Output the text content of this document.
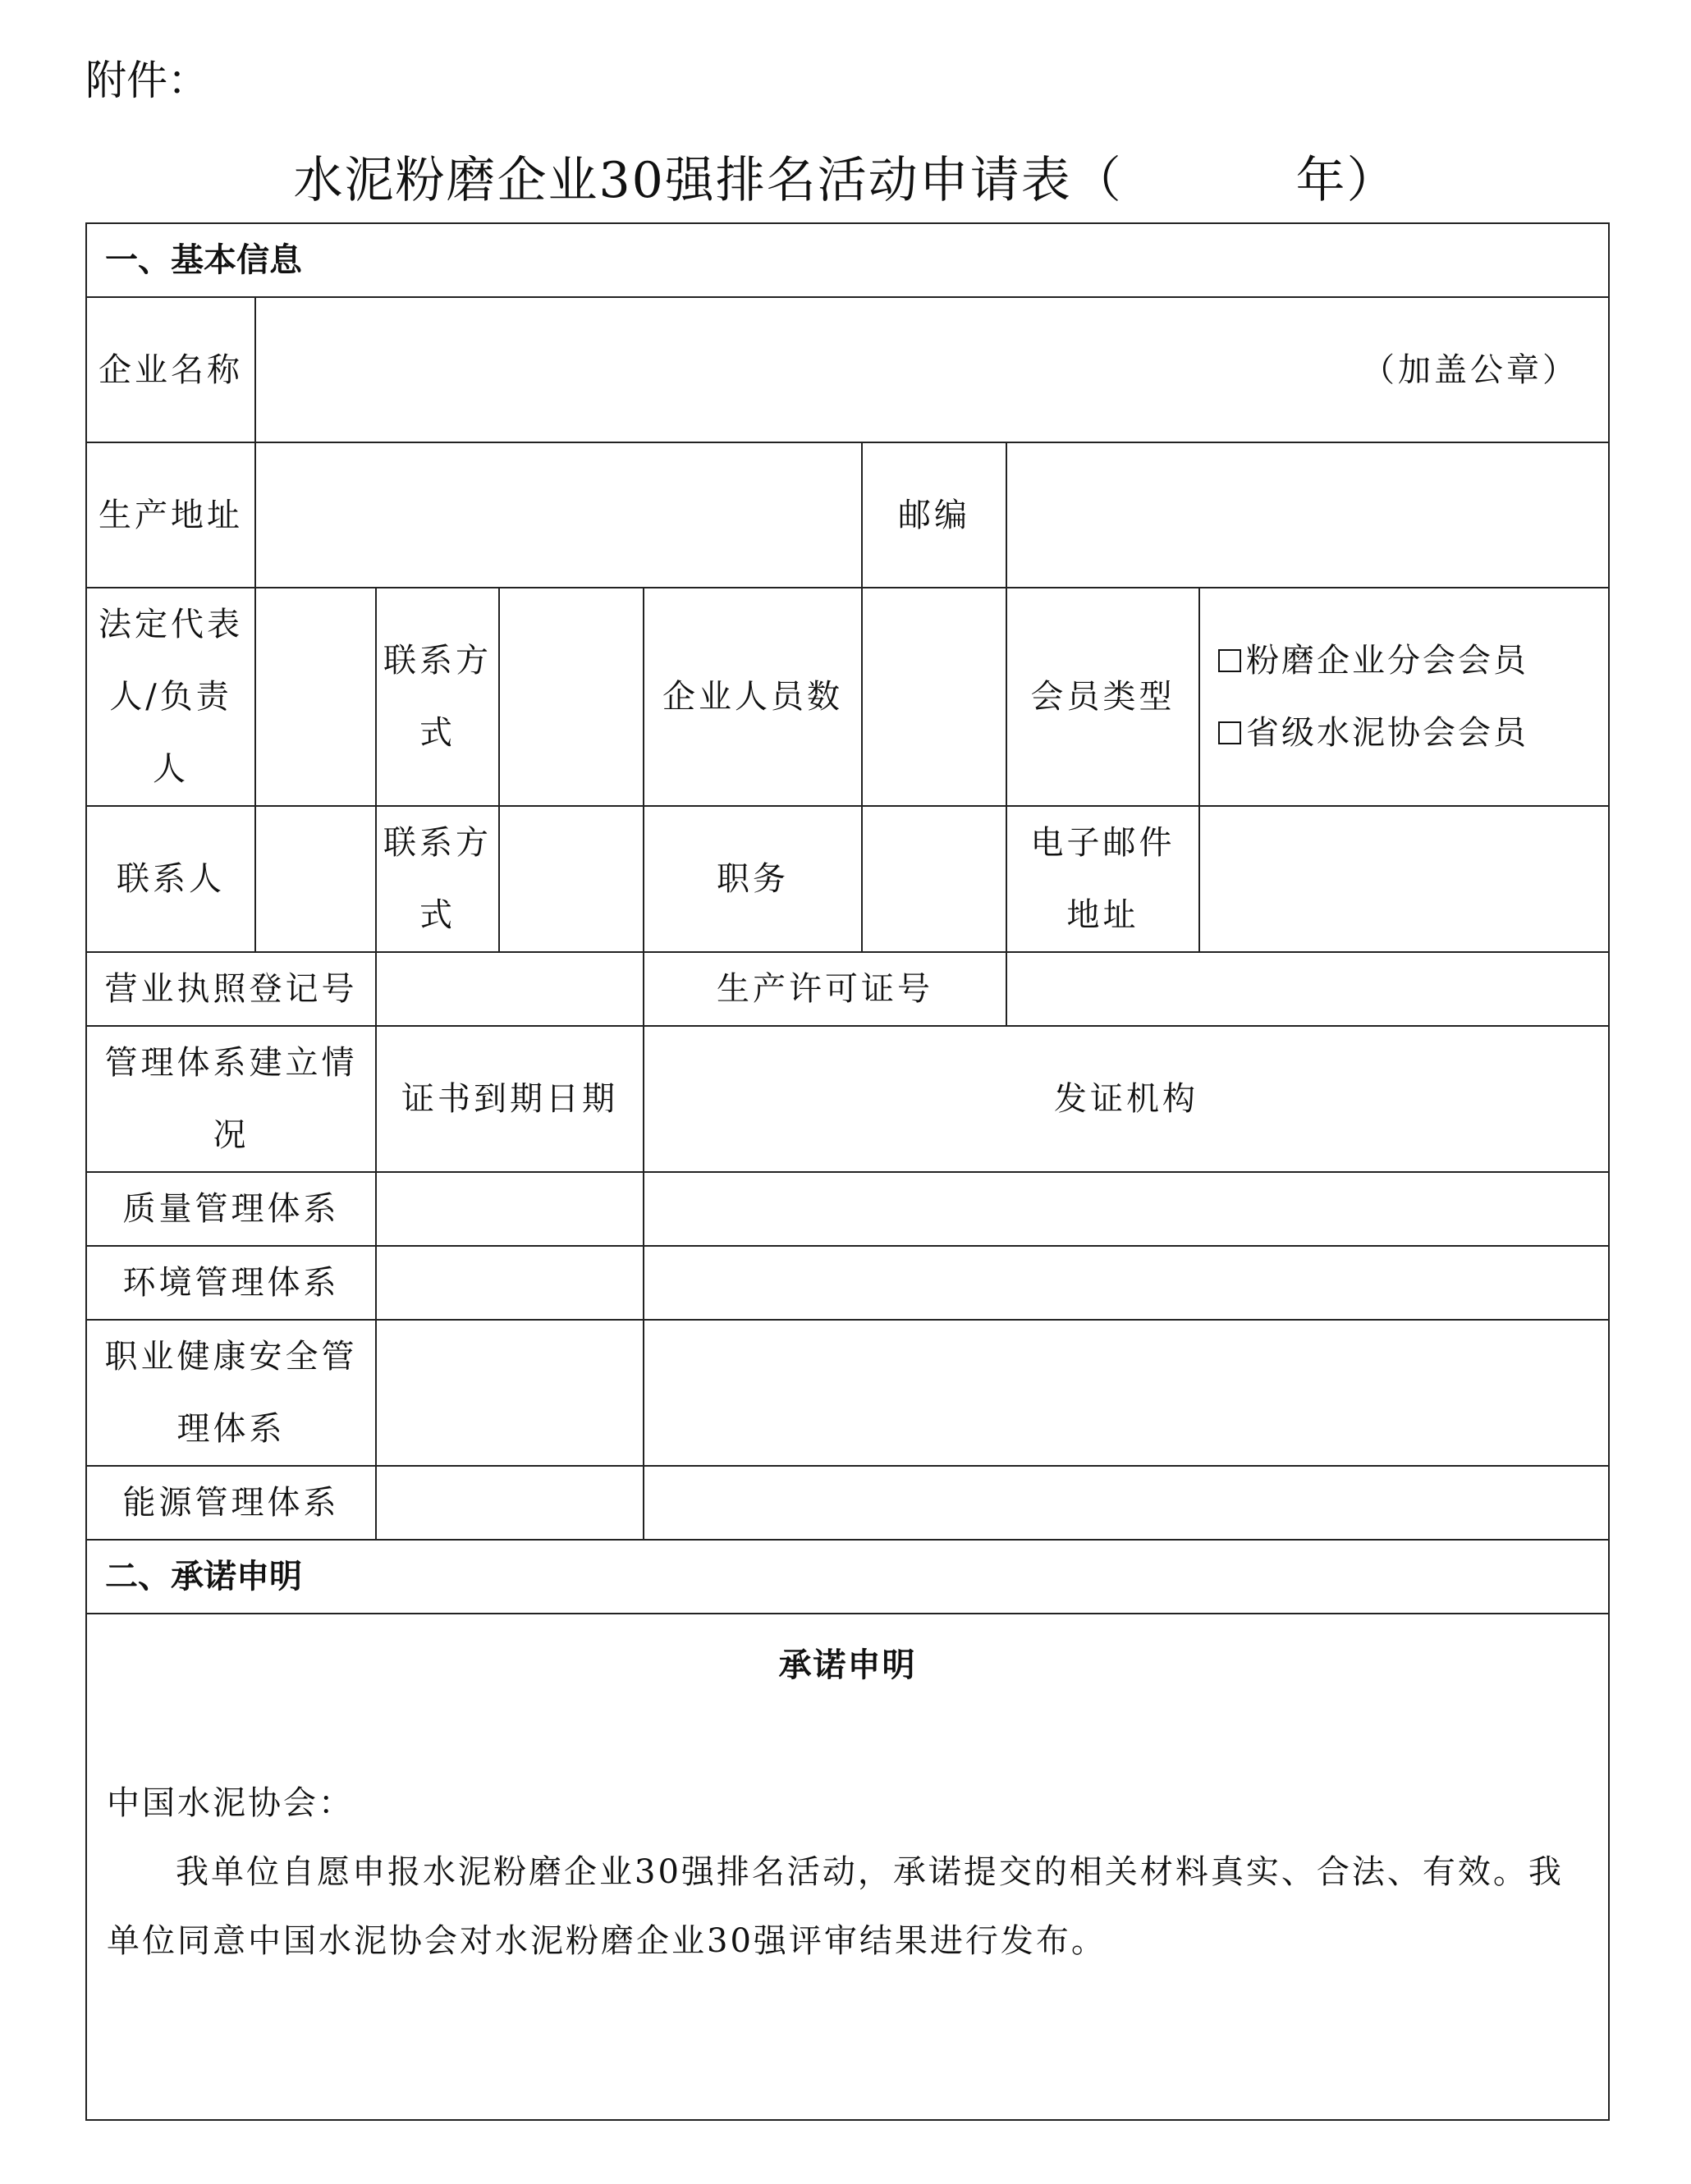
附件：
水泥粉磨企业30强排名活动申请表（          年）
一、基本信息							
企业名称	（加盖公章）						
生产地址					邮编		
法定代表人/负责人		联系方式		企业人员数		会员类型	粉磨企业分会会员
省级水泥协会会员

联系人		联系方式		职务		电子邮件地址	
营业执照登记号				生产许可证号			
管理体系建立情况		证书到期日期		发证机构			
质量管理体系							
环境管理体系							
职业健康安全管理体系							
能源管理体系							
二、承诺申明							

承诺申明
中国水泥协会：
我单位自愿申报水泥粉磨企业30强排名活动，承诺提交的相关材料真实、合法、有效。我单位同意中国水泥协会对水泥粉磨企业30强评审结果进行发布。							
